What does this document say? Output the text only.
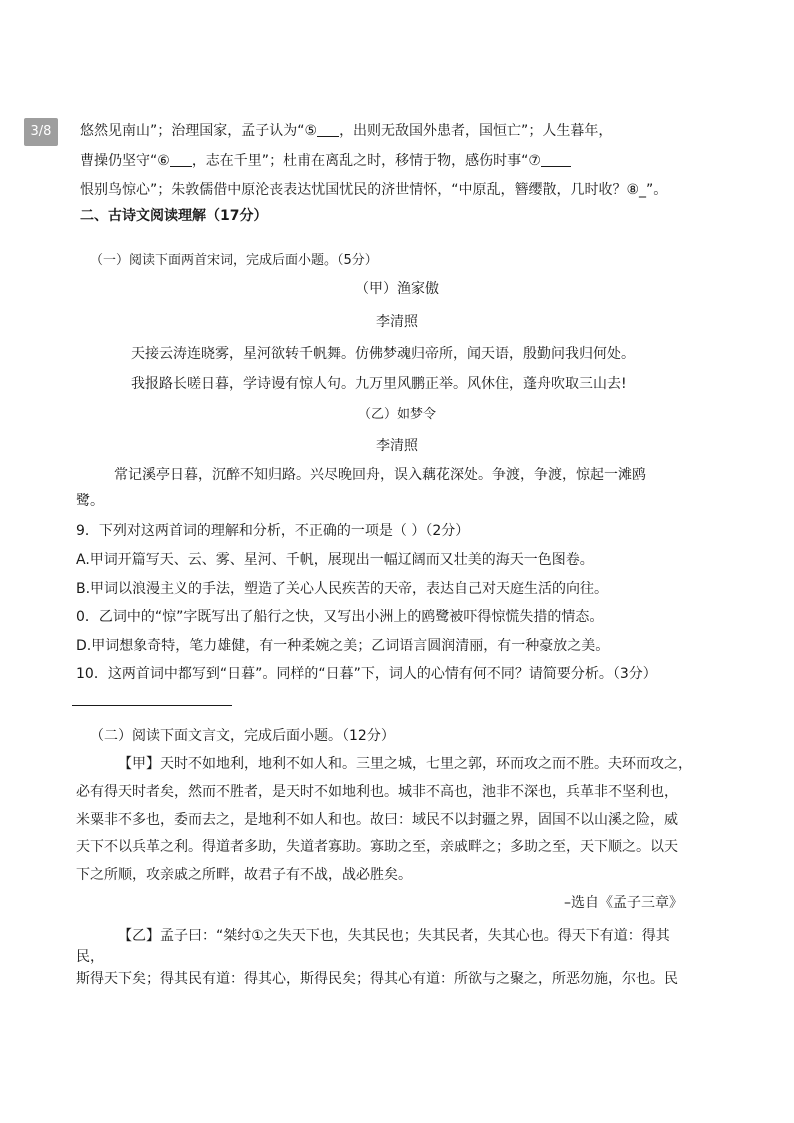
3/8	悠然见南山”；治理国家，孟子认为“⑤ ，出则无敌国外患者，国恒亡”；人生暮年，
曹操仍坚守“⑥ ，志在千里”；杜甫在离乱之时，移情于物，感伤时事“⑦
恨别鸟惊心”；朱敦儒借中原沦丧表达忧国忧民的济世情怀，“中原乱，簪缨散，几时收？⑧_”。
二、古诗文阅读理解（17分）
（一）阅读下面两首宋词，完成后面小题。（5分）
（甲）渔家傲
李清照
天接云涛连晓雾，星河欲转千帆舞。仿佛梦魂归帝所，闻天语，殷勤问我归何处。
我报路长嗟日暮，学诗谩有惊人句。九万里风鹏正举。风休住，蓬舟吹取三山去!
（乙）如梦令
李清照
常记溪亭日暮，沉醉不知归路。兴尽晚回舟，误入藕花深处。争渡，争渡，惊起一滩鸥
鹭。
9．下列对这两首词的理解和分析，不正确的一项是（ ）（2分）
A.甲词开篇写天、云、雾、星河、千帆，展现出一幅辽阔而又壮美的海天一色图卷。
B.甲词以浪漫主义的手法，塑造了关心人民疾苦的天帝，表达自己对天庭生活的向往。
0．乙词中的“惊”字既写出了船行之快，又写出小洲上的鸥鹭被吓得惊慌失措的情态。
D.甲词想象奇特，笔力雄健，有一种柔婉之美；乙词语言圆润清丽，有一种豪放之美。
10．这两首词中都写到“日暮”。同样的“日暮”下，词人的心情有何不同？请简要分析。（3分）
（二）阅读下面文言文，完成后面小题。（12分）
【甲】天时不如地利，地利不如人和。三里之城，七里之郭，环而攻之而不胜。夫环而攻之，
必有得天时者矣，然而不胜者，是天时不如地利也。城非不高也，池非不深也，兵革非不坚利也，
米粟非不多也，委而去之，是地利不如人和也。故曰：域民不以封疆之界，固国不以山溪之险，威
天下不以兵革之利。得道者多助，失道者寡助。寡助之至，亲戚畔之；多助之至，天下顺之。以天
下之所顺，攻亲戚之所畔，故君子有不战，战必胜矣。
–选自《孟子三章》
【乙】孟子曰：“桀纣①之失天下也，失其民也；失其民者，失其心也。得天下有道：得其
民，
斯得天下矣；得其民有道：得其心，斯得民矣；得其心有道：所欲与之聚之，所恶勿施，尔也。民
